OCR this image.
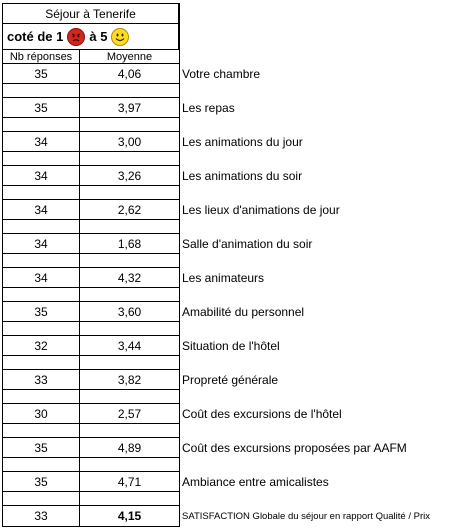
Séjour à Tenerife
coté de 1 à 5
Nb réponses	Moyenne
35	4,06	Votre chambre
35	3,97	Les repas
34	3,00	Les animations du jour
34	3,26	Les animations du soir
34	2,62	Les lieux d'animations de jour
34	1,68	Salle d'animation du soir
34	4,32	Les animateurs
35	3,60	Amabilité du personnel
32	3,44	Situation de l'hôtel
33	3,82	Propreté générale
30	2,57	Coût des excursions de l'hôtel
35	4,89	Coût des excursions proposées par AAFM
35	4,71	Ambiance entre amicalistes
33	4,15	SATISFACTION Globale du séjour en rapport Qualité / Prix
